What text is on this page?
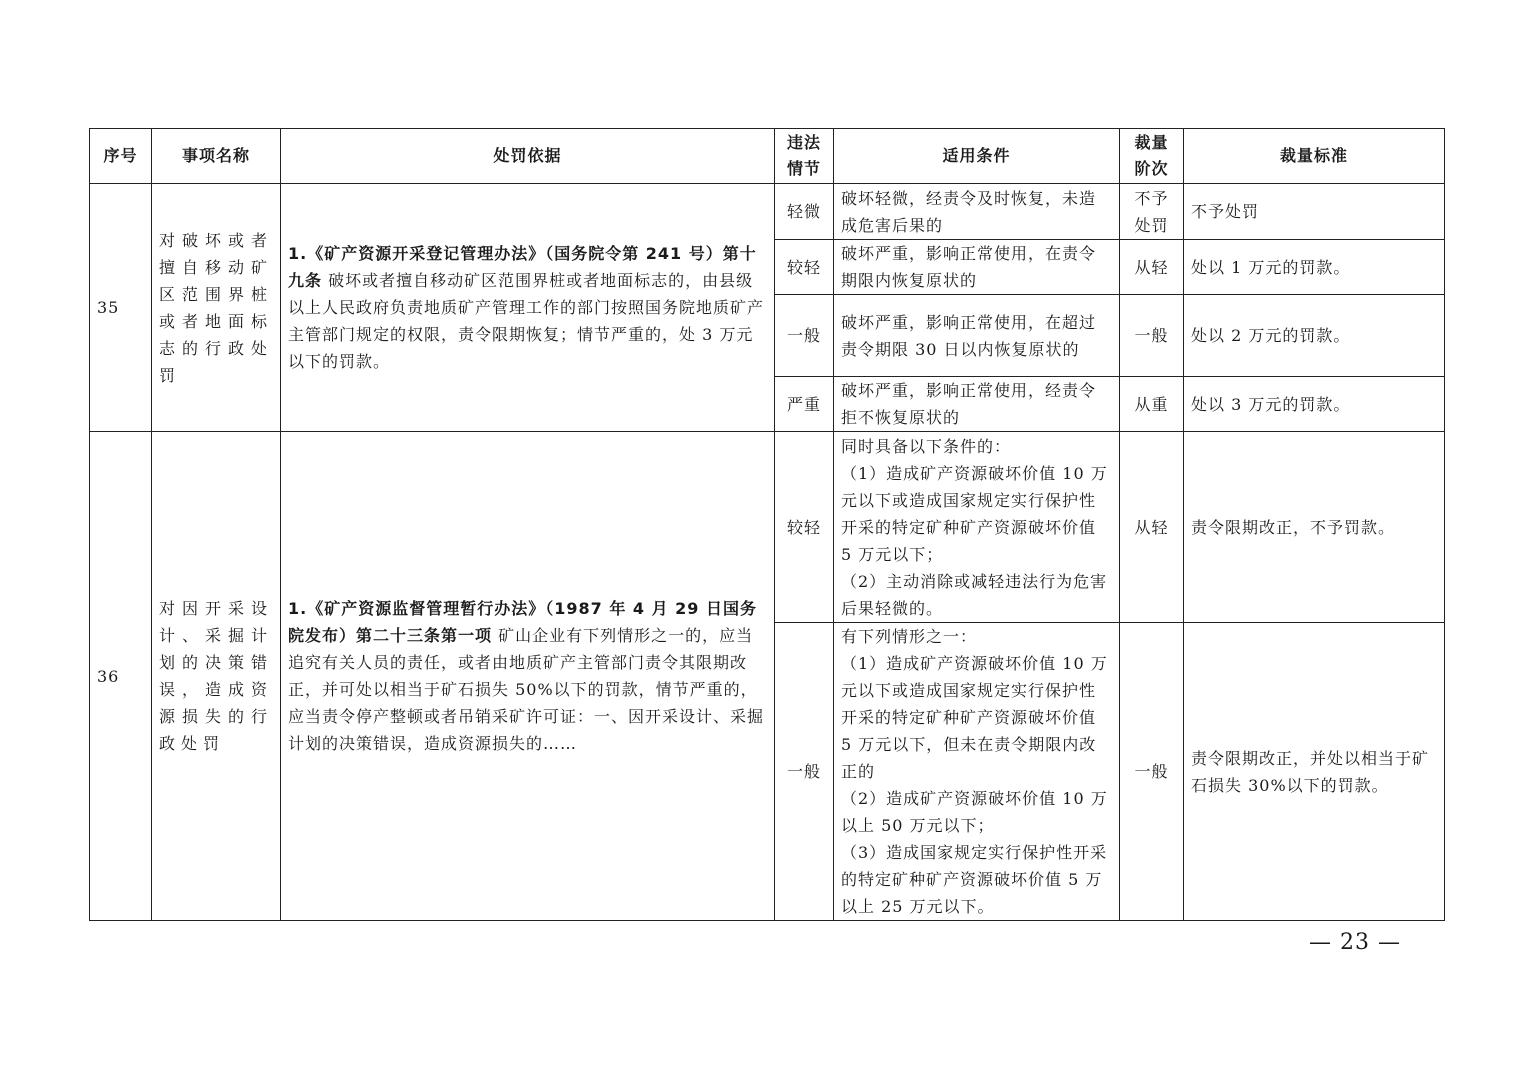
序号	事项名称	处罚依据	违法情节	适用条件	裁量阶次	裁量标准
35	对破坏或者擅自移动矿区范围界桩或者地面标志的行政处罚	1.《矿产资源开采登记管理办法》（国务院令第 241 号）第十九条 破坏或者擅自移动矿区范围界桩或者地面标志的，由县级以上人民政府负责地质矿产管理工作的部门按照国务院地质矿产主管部门规定的权限，责令限期恢复；情节严重的，处 3 万元以下的罚款。	轻微	破坏轻微，经责令及时恢复，未造成危害后果的	不予处罚	不予处罚
			较轻	破坏严重，影响正常使用，在责令期限内恢复原状的	从轻	处以 1 万元的罚款。
			一般	破坏严重，影响正常使用，在超过责令期限 30 日以内恢复原状的	一般	处以 2 万元的罚款。
			严重	破坏严重，影响正常使用，经责令拒不恢复原状的	从重	处以 3 万元的罚款。
36	对因开采设计、采掘计划的决策错误，造成资源损失的行政处罚	1.《矿产资源监督管理暂行办法》（1987 年 4 月 29 日国务院发布）第二十三条第一项 矿山企业有下列情形之一的，应当追究有关人员的责任，或者由地质矿产主管部门责令其限期改正，并可处以相当于矿石损失 50%以下的罚款，情节严重的，应当责令停产整顿或者吊销采矿许可证：一、因开采设计、采掘计划的决策错误，造成资源损失的……	较轻	同时具备以下条件的：
（1）造成矿产资源破坏价值 10 万元以下或造成国家规定实行保护性开采的特定矿种矿产资源破坏价值 5 万元以下；
（2）主动消除或减轻违法行为危害后果轻微的。	从轻	责令限期改正，不予罚款。
			一般	有下列情形之一：
（1）造成矿产资源破坏价值 10 万元以下或造成国家规定实行保护性开采的特定矿种矿产资源破坏价值 5 万元以下，但未在责令期限内改正的
（2）造成矿产资源破坏价值 10 万以上 50 万元以下；
（3）造成国家规定实行保护性开采的特定矿种矿产资源破坏价值 5 万以上 25 万元以下。	一般	责令限期改正，并处以相当于矿石损失 30%以下的罚款。
— 23 —
